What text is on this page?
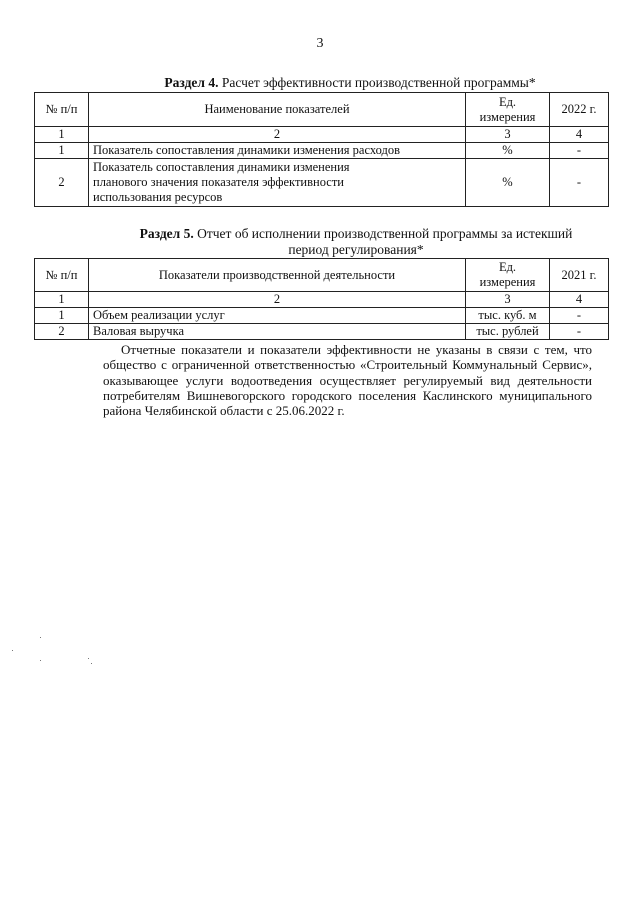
3
Раздел 4. Расчет эффективности производственной программы*
№ п/п	Наименование показателей	Ед. измерения	2022 г.
1	2	3	4
1	Показатель сопоставления динамики изменения расходов	%	-
2	Показатель сопоставления динамики изменения планового значения показателя эффективности использования ресурсов	%	-
Раздел 5. Отчет об исполнении производственной программы за истекший
период регулирования*
№ п/п	Показатели производственной деятельности	Ед. измерения	2021 г.
1	2	3	4
1	Объем реализации услуг	тыс. куб. м	-
2	Валовая выручка	тыс. рублей	-
Отчетные показатели и показатели эффективности не указаны в связи с тем, что общество с ограниченной ответственностью «Строительный Коммунальный Сервис», оказывающее услуги водоотведения осуществляет регулируемый вид деятельности потребителям Вишневогорского городского поселения Каслинского муниципального района Челябинской области с 25.06.2022 г.
